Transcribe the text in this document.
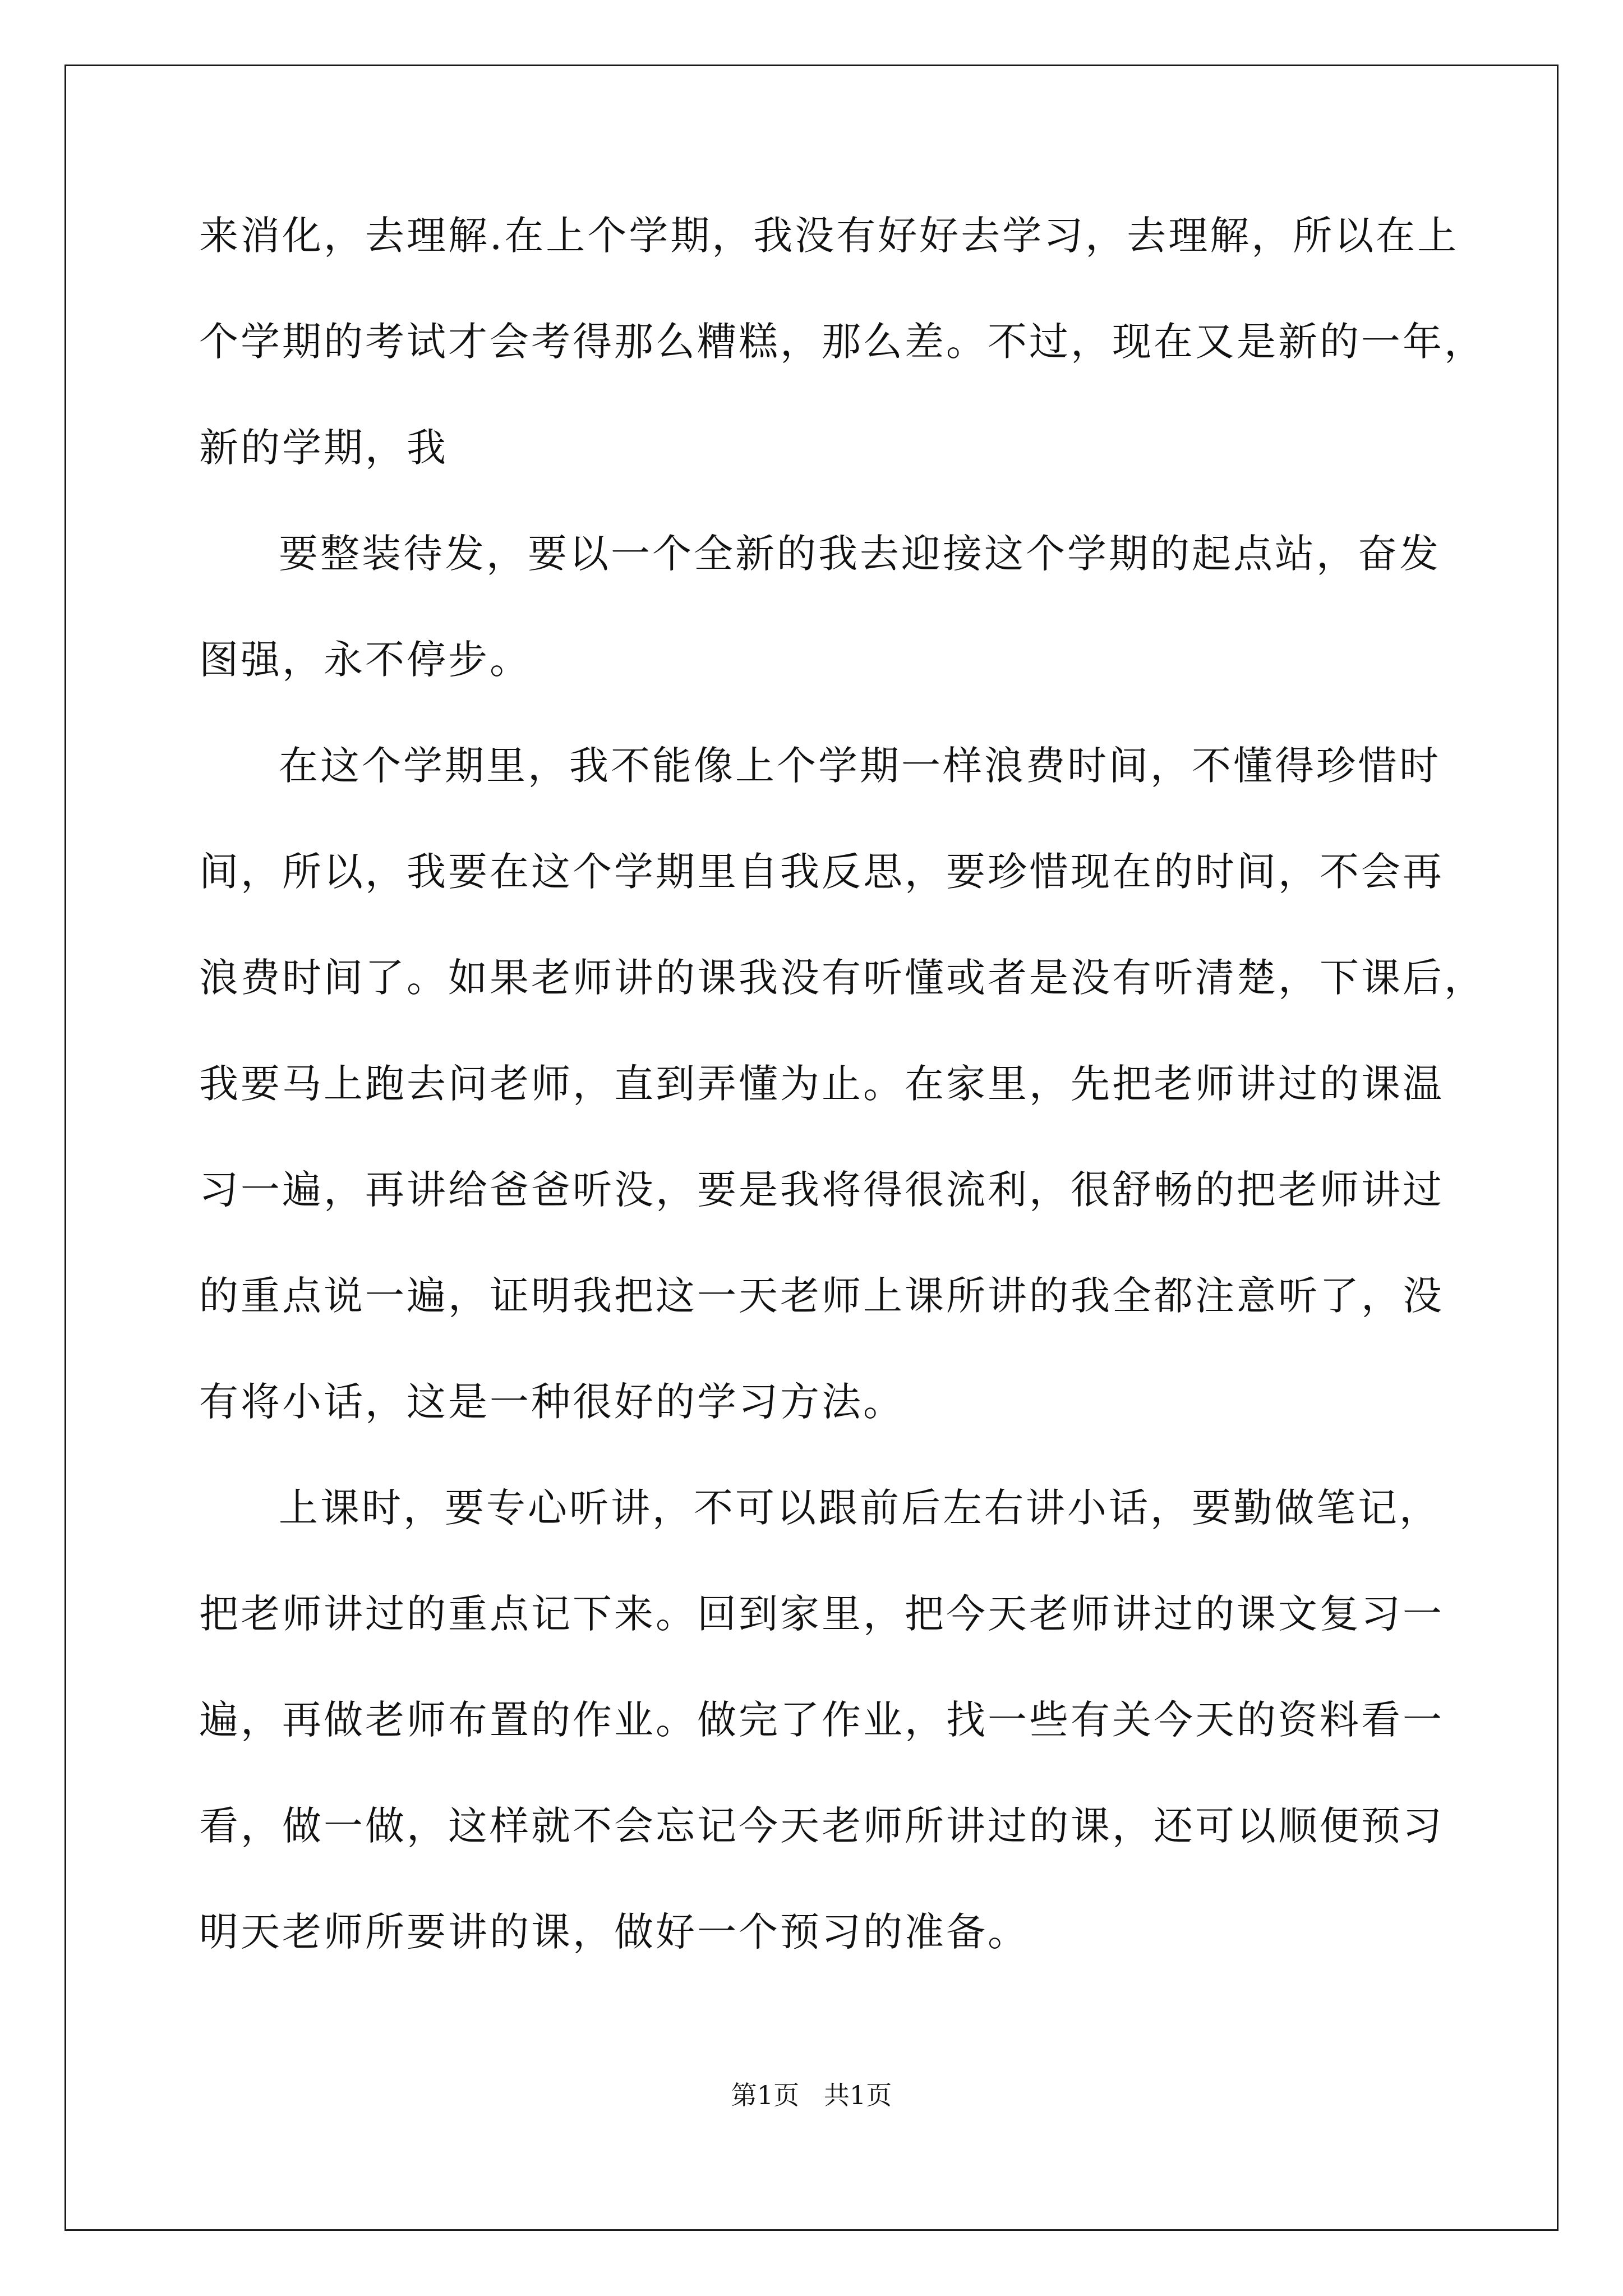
来消化，去理解.在上个学期，我没有好好去学习，去理解，所以在上
个学期的考试才会考得那么糟糕，那么差。不过，现在又是新的一年，
新的学期，我
要整装待发，要以一个全新的我去迎接这个学期的起点站，奋发
图强，永不停步。
在这个学期里，我不能像上个学期一样浪费时间，不懂得珍惜时
间，所以，我要在这个学期里自我反思，要珍惜现在的时间，不会再
浪费时间了。如果老师讲的课我没有听懂或者是没有听清楚，下课后，
我要马上跑去问老师，直到弄懂为止。在家里，先把老师讲过的课温
习一遍，再讲给爸爸听没，要是我将得很流利，很舒畅的把老师讲过
的重点说一遍，证明我把这一天老师上课所讲的我全都注意听了，没
有将小话，这是一种很好的学习方法。
上课时，要专心听讲，不可以跟前后左右讲小话，要勤做笔记，
把老师讲过的重点记下来。回到家里，把今天老师讲过的课文复习一
遍，再做老师布置的作业。做完了作业，找一些有关今天的资料看一
看，做一做，这样就不会忘记今天老师所讲过的课，还可以顺便预习
明天老师所要讲的课，做好一个预习的准备。
第1页   共1页
